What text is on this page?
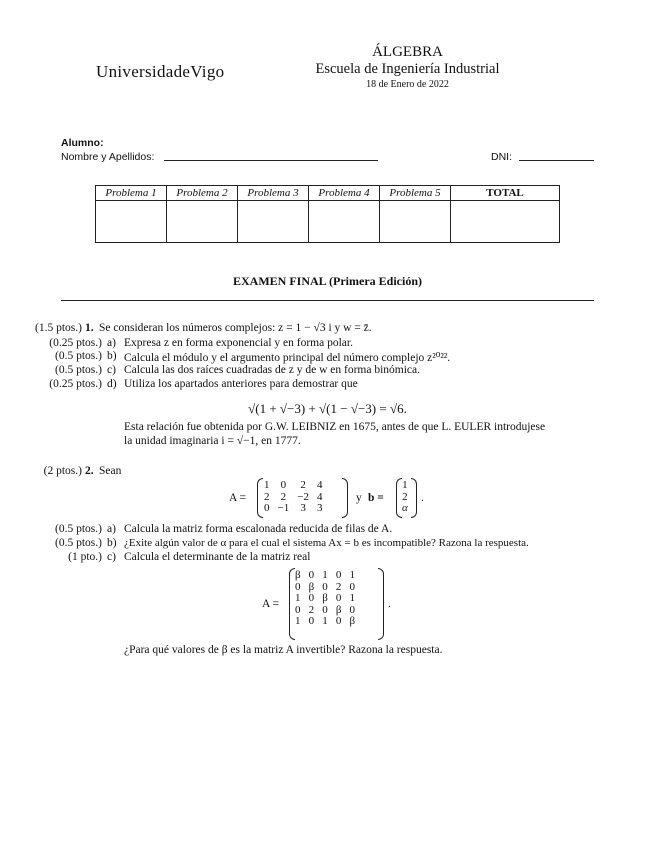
UniversidadeVigo
ÁLGEBRA
Escuela de Ingeniería Industrial
18 de Enero de 2022
Alumno:
Nombre y Apellidos:	DNI:
Problema 1	Problema 2	Problema 3	Problema 4	Problema 5	TOTAL

EXAMEN FINAL (Primera Edición)
(1.5 ptos.) 1. Se consideran los números complejos: z = 1 − √3 i y w = z̄.
(0.25 ptos.) a) Expresa z en forma exponencial y en forma polar.
(0.5 ptos.) b) Calcula el módulo y el argumento principal del número complejo z²⁰²².
(0.5 ptos.) c) Calcula las dos raíces cuadradas de z y de w en forma binómica.
(0.25 ptos.) d) Utiliza los apartados anteriores para demostrar que
√(1 + √−3) + √(1 − √−3) = √6.
Esta relación fue obtenida por G.W. LEIBNIZ en 1675, antes de que L. EULER introdujese
la unidad imaginaria i = √−1, en 1777.
(2 ptos.) 2. Sean
A =
1	0	2	4
2	2	−2	4
0	−1	3	3
y b =
1
2
α
.
(0.5 ptos.) a) Calcula la matriz forma escalonada reducida de filas de A.
(0.5 ptos.) b) ¿Exite algún valor de α para el cual el sistema Ax = b es incompatible? Razona la respuesta.
(1 pto.) c) Calcula el determinante de la matriz real
A =
β	0	1	0	1
0	β	0	2	0
1	0	β	0	1
0	2	0	β	0
1	0	1	0	β
.
¿Para qué valores de β es la matriz A invertible? Razona la respuesta.
